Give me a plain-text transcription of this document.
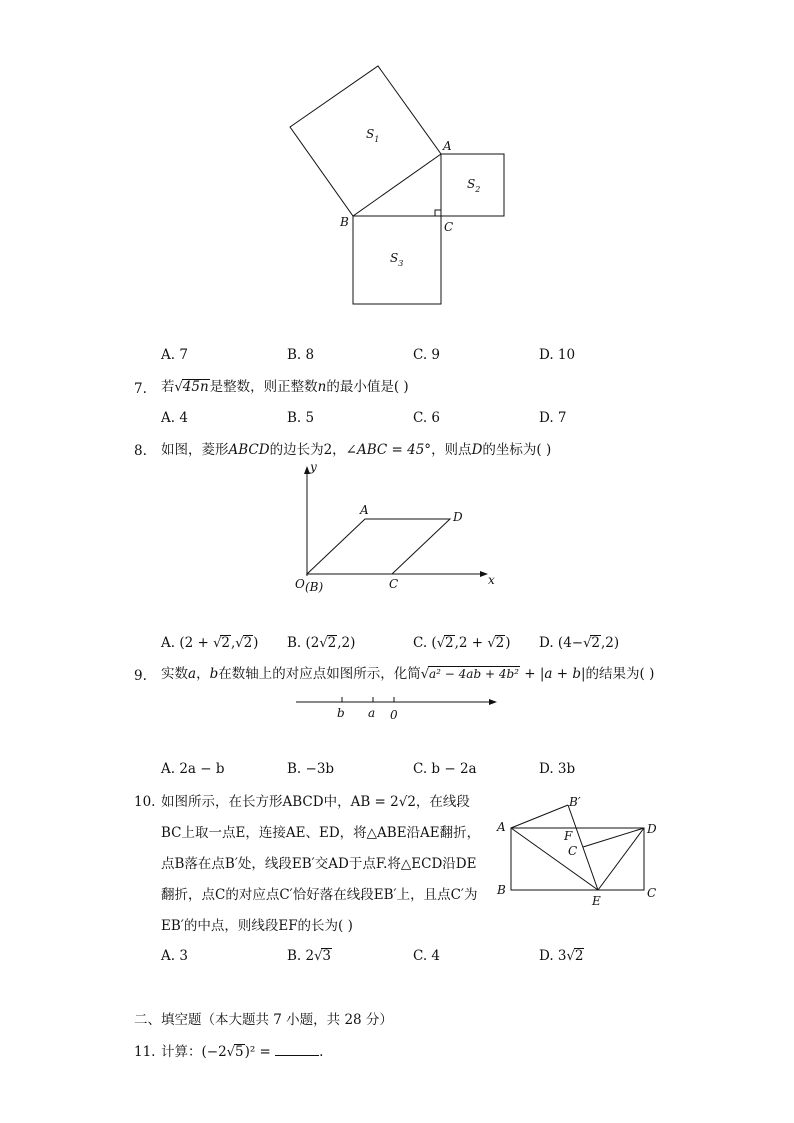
$S_1$
$S_2$
$S_3$
A
B	C
A. 7	B. 8	C. 9	D. 10
7. 若√45n是整数，则正整数n的最小值是( )
A. 4	B. 5	C. 6	D. 7
8. 如图，菱形ABCD的边长为2，∠ABC = 45°，则点D的坐标为( )
y
x
A	D
O (B)	C
A. (2 + √2,√2) B. (2√2,2)	C. (√2,2 + √2) D. (4−√2,2)
9. 实数a，b在数轴上的对应点如图所示，化简√a² − 4ab + 4b² + |a + b|的结果为( )
b a 0
A. 2a − b	B. −3b	C. b − 2a	D. 3b
10. 如图所示，在长方形ABCD中，AB = 2√2，在线段
BC上取一点E，连接AE、ED，将△ABE沿AE翻折，
点B落在点B′处，线段EB′交AD于点F.将△ECD沿DE
翻折，点C的对应点C′恰好落在线段EB′上，且点C′为
EB′的中点，则线段EF的长为( )
A
B′
D
F
C
B
E
C
A. 3	B. 2√3	C. 4	D. 3√2
二、填空题（本大题共 7 小题，共 28 分）
11. 计算：(−2√5)² =	.
